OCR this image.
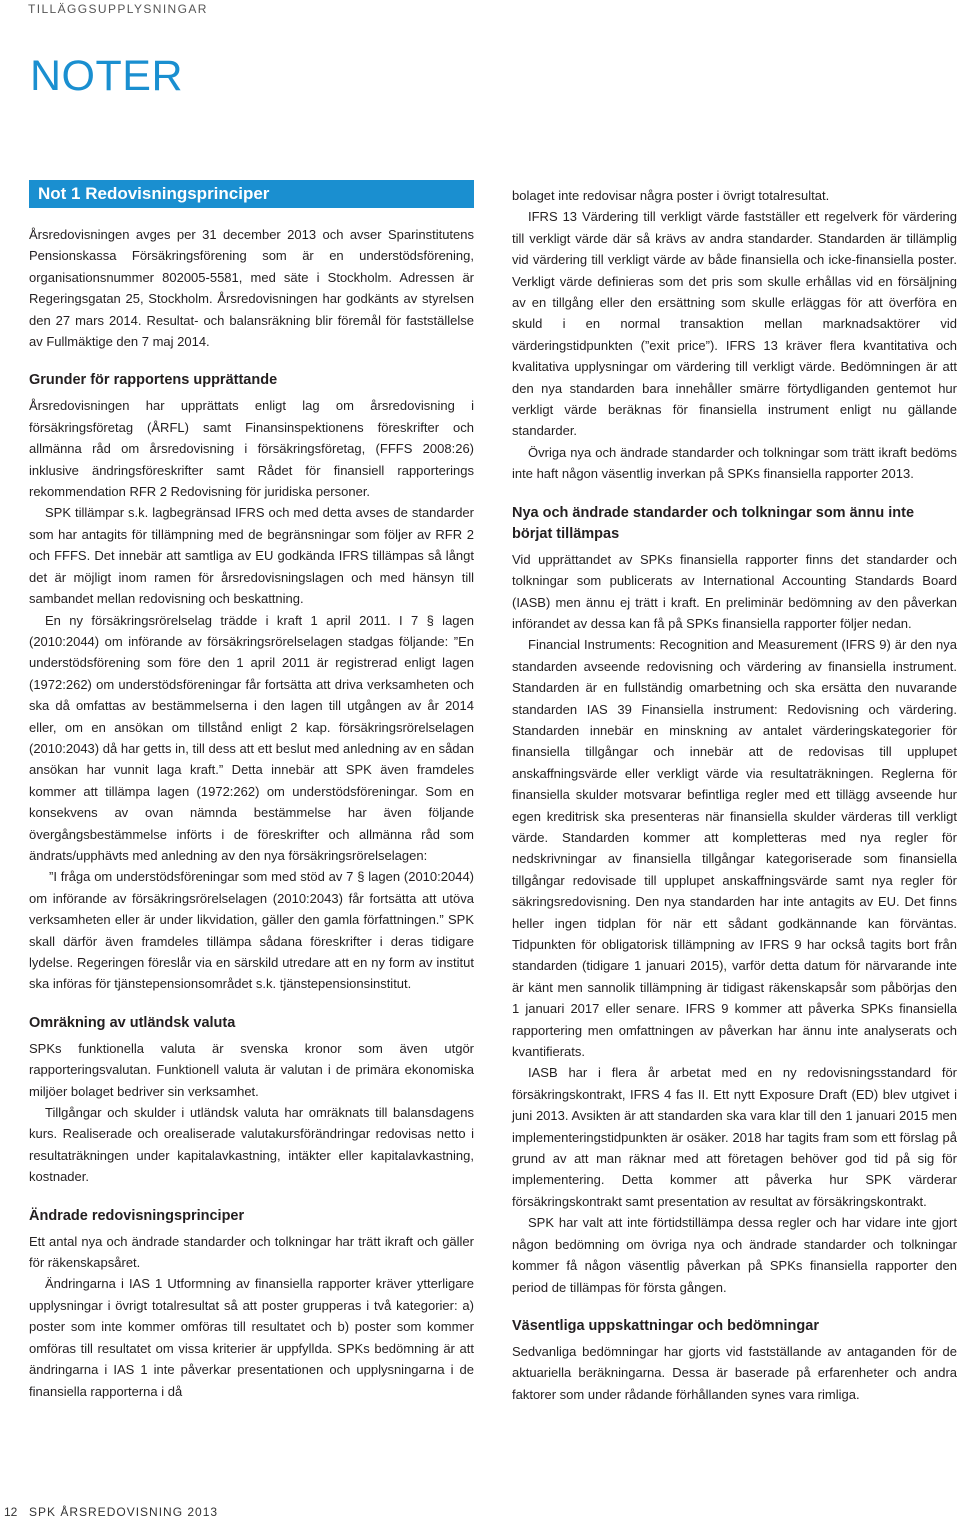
TILLÄGGSUPPLYSNINGAR
NOTER
Not 1 Redovisningsprinciper

Årsredovisningen avges per 31 december 2013 och avser Sparinstitutens Pensionskassa Försäkringsförening som är en understödsförening, organisationsnummer 802005-5581, med säte i Stockholm. Adressen är Regeringsgatan 25, Stockholm. Årsredovisningen har godkänts av styrelsen den 27 mars 2014. Resultat- och balansräkning blir föremål för fastställelse av Fullmäktige den 7 maj 2014.

Grunder för rapportens upprättande

Årsredovisningen har upprättats enligt lag om årsredovisning i försäkringsföretag (ÅRFL) samt Finansinspektionens föreskrifter och allmänna råd om årsredovisning i försäkringsföretag, (FFFS 2008:26) inklusive ändringsföreskrifter samt Rådet för finansiell rapporterings rekommendation RFR 2 Redovisning för juridiska personer.

SPK tillämpar s.k. lagbegränsad IFRS och med detta avses de standarder som har antagits för tillämpning med de begränsningar som följer av RFR 2 och FFFS. Det innebär att samtliga av EU godkända IFRS tillämpas så långt det är möjligt inom ramen för årsredovisningslagen och med hänsyn till sambandet mellan redovisning och beskattning.

En ny försäkringsrörelselag trädde i kraft 1 april 2011. I 7 § lagen (2010:2044) om införande av försäkringsrörelselagen stadgas följande: ”En understödsförening som före den 1 april 2011 är registrerad enligt lagen (1972:262) om understödsföreningar får fortsätta att driva verksamheten och ska då omfattas av bestämmelserna i den lagen till utgången av år 2014 eller, om en ansökan om tillstånd enligt 2 kap. försäkringsrörelselagen (2010:2043) då har getts in, till dess att ett beslut med anledning av en sådan ansökan har vunnit laga kraft.” Detta innebär att SPK även framdeles kommer att tillämpa lagen (1972:262) om understödsföreningar. Som en konsekvens av ovan nämnda bestämmelse har även följande övergångsbestämmelse införts i de föreskrifter och allmänna råd som ändrats/upphävts med anledning av den nya försäkringsrörelselagen:

”I fråga om understödsföreningar som med stöd av 7 § lagen (2010:2044) om införande av försäkringsrörelselagen (2010:2043) får fortsätta att utöva verksamheten eller är under likvidation, gäller den gamla författningen.” SPK skall därför även framdeles tillämpa sådana föreskrifter i deras tidigare lydelse. Regeringen föreslår via en särskild utredare att en ny form av institut ska införas för tjänstepensionsområdet s.k. tjänstepensionsinstitut.

Omräkning av utländsk valuta

SPKs funktionella valuta är svenska kronor som även utgör rapporteringsvalutan. Funktionell valuta är valutan i de primära ekonomiska miljöer bolaget bedriver sin verksamhet.

Tillgångar och skulder i utländsk valuta har omräknats till balansdagens kurs. Realiserade och orealiserade valutakursförändringar redovisas netto i resultaträkningen under kapitalavkastning, intäkter eller kapitalavkastning, kostnader.

Ändrade redovisningsprinciper

Ett antal nya och ändrade standarder och tolkningar har trätt ikraft och gäller för räkenskapsåret.

Ändringarna i IAS 1 Utformning av finansiella rapporter kräver ytterligare upplysningar i övrigt totalresultat så att poster grupperas i två kategorier: a) poster som inte kommer omföras till resultatet och b) poster som kommer omföras till resultatet om vissa kriterier är uppfyllda. SPKs bedömning är att ändringarna i IAS 1 inte påverkar presentationen och upplysningarna i de finansiella rapporterna i då

bolaget inte redovisar några poster i övrigt totalresultat.

IFRS 13 Värdering till verkligt värde fastställer ett regelverk för värdering till verkligt värde där så krävs av andra standarder. Standarden är tillämplig vid värdering till verkligt värde av både finansiella och icke-finansiella poster. Verkligt värde definieras som det pris som skulle erhållas vid en försäljning av en tillgång eller den ersättning som skulle erläggas för att överföra en skuld i en normal transaktion mellan marknadsaktörer vid värderingstidpunkten (”exit price”). IFRS 13 kräver flera kvantitativa och kvalitativa upplysningar om värdering till verkligt värde. Bedömningen är att den nya standarden bara innehåller smärre förtydliganden gentemot hur verkligt värde beräknas för finansiella instrument enligt nu gällande standarder.

Övriga nya och ändrade standarder och tolkningar som trätt ikraft bedöms inte haft någon väsentlig inverkan på SPKs finansiella rapporter 2013.

Nya och ändrade standarder och tolkningar som ännu inte börjat tillämpas

Vid upprättandet av SPKs finansiella rapporter finns det standarder och tolkningar som publicerats av International Accounting Standards Board (IASB) men ännu ej trätt i kraft. En preliminär bedömning av den påverkan införandet av dessa kan få på SPKs finansiella rapporter följer nedan.

Financial Instruments: Recognition and Measurement (IFRS 9) är den nya standarden avseende redovisning och värdering av finansiella instrument. Standarden är en fullständig omarbetning och ska ersätta den nuvarande standarden IAS 39 Finansiella instrument: Redovisning och värdering. Standarden innebär en minskning av antalet värderingskategorier för finansiella tillgångar och innebär att de redovisas till upplupet anskaffningsvärde eller verkligt värde via resultaträkningen. Reglerna för finansiella skulder motsvarar befintliga regler med ett tillägg avseende hur egen kreditrisk ska presenteras när finansiella skulder värderas till verkligt värde. Standarden kommer att kompletteras med nya regler för nedskrivningar av finansiella tillgångar kategoriserade som finansiella tillgångar redovisade till upplupet anskaffningsvärde samt nya regler för säkringsredovisning. Den nya standarden har inte antagits av EU. Det finns heller ingen tidplan för när ett sådant godkännande kan förväntas. Tidpunkten för obligatorisk tillämpning av IFRS 9 har också tagits bort från standarden (tidigare 1 januari 2015), varför detta datum för närvarande inte är känt men sannolik tillämpning är tidigast räkenskapsår som påbörjas den 1 januari 2017 eller senare. IFRS 9 kommer att påverka SPKs finansiella rapportering men omfattningen av påverkan har ännu inte analyserats och kvantifierats.

IASB har i flera år arbetat med en ny redovisningsstandard för försäkringskontrakt, IFRS 4 fas II. Ett nytt Exposure Draft (ED) blev utgivet i juni 2013. Avsikten är att standarden ska vara klar till den 1 januari 2015 men implementeringstidpunkten är osäker. 2018 har tagits fram som ett förslag på grund av att man räknar med att företagen behöver god tid på sig för implementering. Detta kommer att påverka hur SPK värderar försäkringskontrakt samt presentation av resultat av försäkringskontrakt.

SPK har valt att inte förtidstillämpa dessa regler och har vidare inte gjort någon bedömning om övriga nya och ändrade standarder och tolkningar kommer få någon väsentlig påverkan på SPKs finansiella rapporter den period de tillämpas för första gången.

Väsentliga uppskattningar och bedömningar

Sedvanliga bedömningar har gjorts vid fastställande av antaganden för de aktuariella beräkningarna. Dessa är baserade på erfarenheter och andra faktorer som under rådande förhållanden synes vara rimliga.

12 SPK ÅRSREDOVISNING 2013
